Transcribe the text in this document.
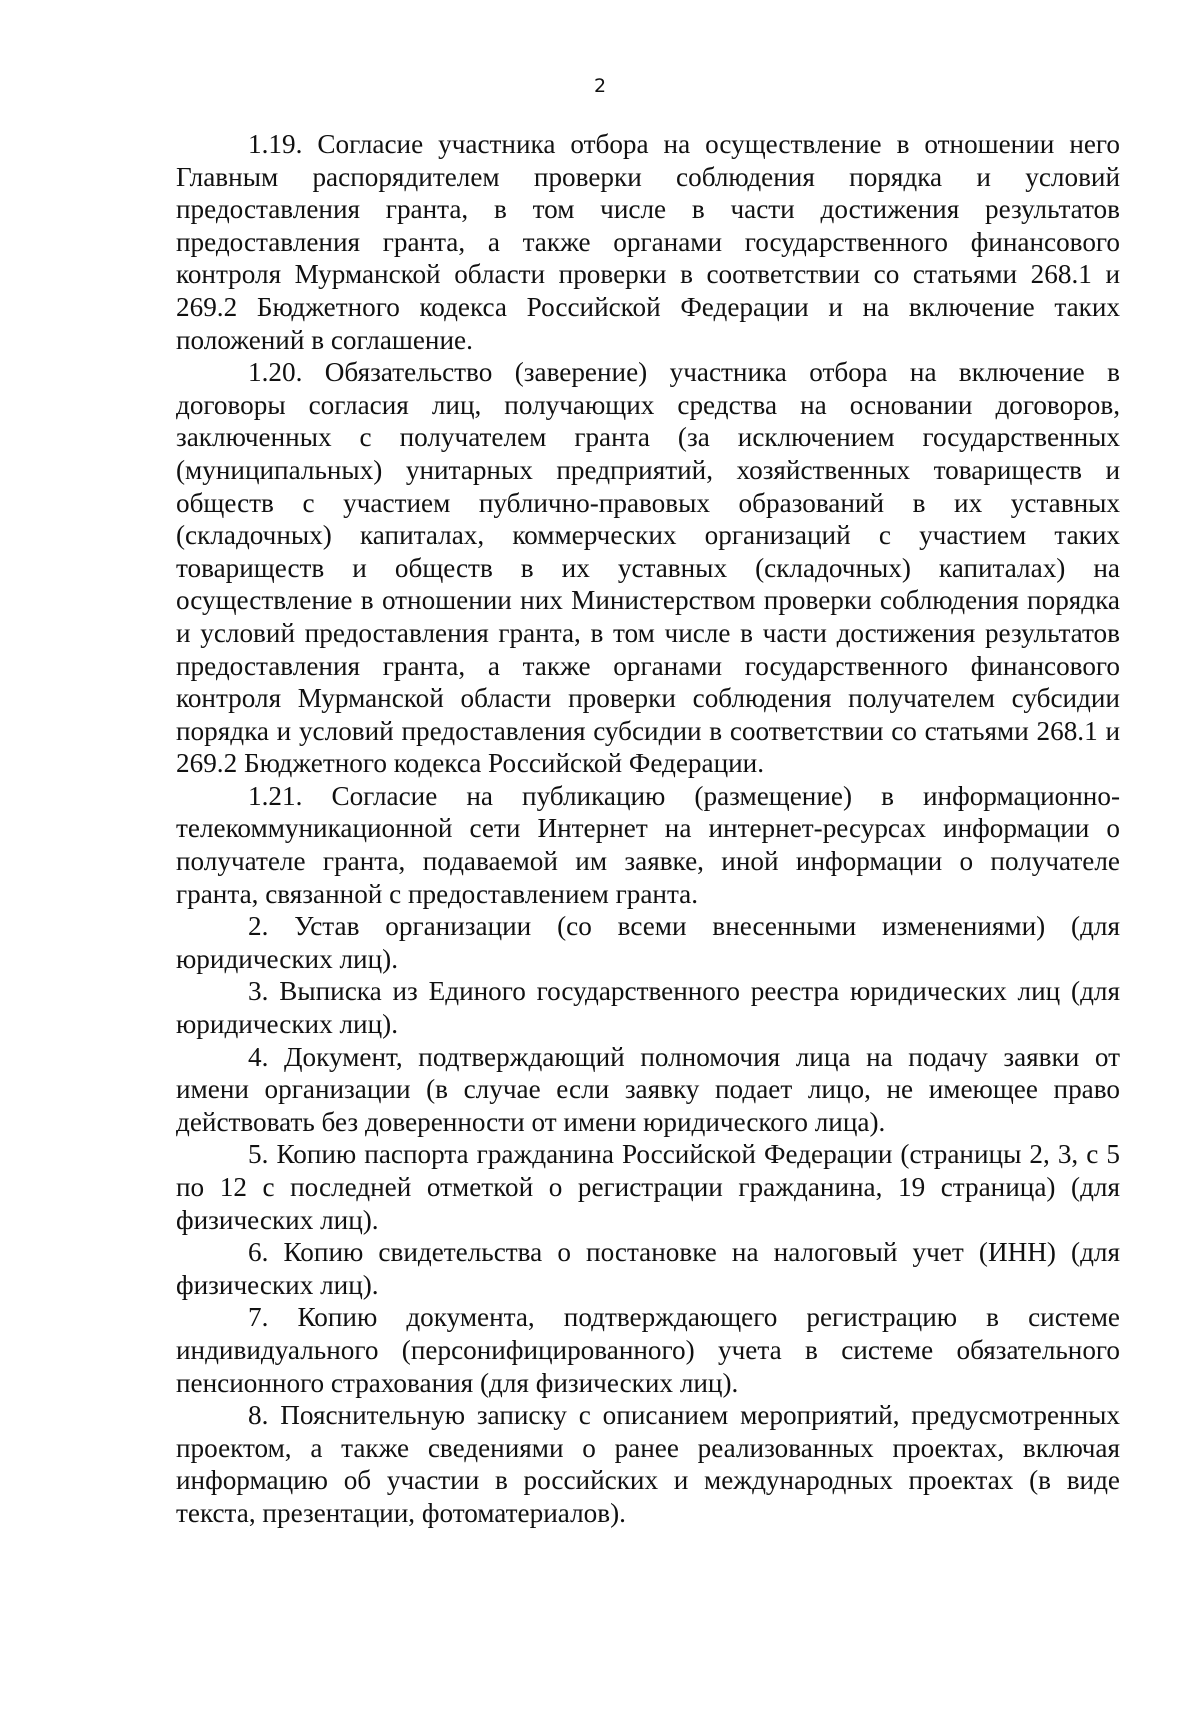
2

1.19. Согласие участника отбора на осуществление в отношении него Главным распорядителем проверки соблюдения порядка и условий предоставления гранта, в том числе в части достижения результатов предоставления гранта, а также органами государственного финансового контроля Мурманской области проверки в соответствии со статьями 268.1 и 269.2 Бюджетного кодекса Российской Федерации и на включение таких положений в соглашение.

1.20. Обязательство (заверение) участника отбора на включение в договоры согласия лиц, получающих средства на основании договоров, заключенных с получателем гранта (за исключением государственных (муниципальных) унитарных предприятий, хозяйственных товариществ и обществ с участием публично-правовых образований в их уставных (складочных) капиталах, коммерческих организаций с участием таких товариществ и обществ в их уставных (складочных) капиталах) на осуществление в отношении них Министерством проверки соблюдения порядка и условий предоставления гранта, в том числе в части достижения результатов предоставления гранта, а также органами государственного финансового контроля Мурманской области проверки соблюдения получателем субсидии порядка и условий предоставления субсидии в соответствии со статьями 268.1 и 269.2 Бюджетного кодекса Российской Федерации.

1.21. Согласие на публикацию (размещение) в информационно-телекоммуникационной сети Интернет на интернет-ресурсах информации о получателе гранта, подаваемой им заявке, иной информации о получателе гранта, связанной с предоставлением гранта.

2. Устав организации (со всеми внесенными изменениями) (для юридических лиц).

3. Выписка из Единого государственного реестра юридических лиц (для юридических лиц).

4. Документ, подтверждающий полномочия лица на подачу заявки от имени организации (в случае если заявку подает лицо, не имеющее право действовать без доверенности от имени юридического лица).

5. Копию паспорта гражданина Российской Федерации (страницы 2, 3, с 5 по 12 с последней отметкой о регистрации гражданина, 19 страница) (для физических лиц).

6. Копию свидетельства о постановке на налоговый учет (ИНН) (для физических лиц).

7. Копию документа, подтверждающего регистрацию в системе индивидуального (персонифицированного) учета в системе обязательного пенсионного страхования (для физических лиц).

8. Пояснительную записку с описанием мероприятий, предусмотренных проектом, а также сведениями о ранее реализованных проектах, включая информацию об участии в российских и международных проектах (в виде текста, презентации, фотоматериалов).
